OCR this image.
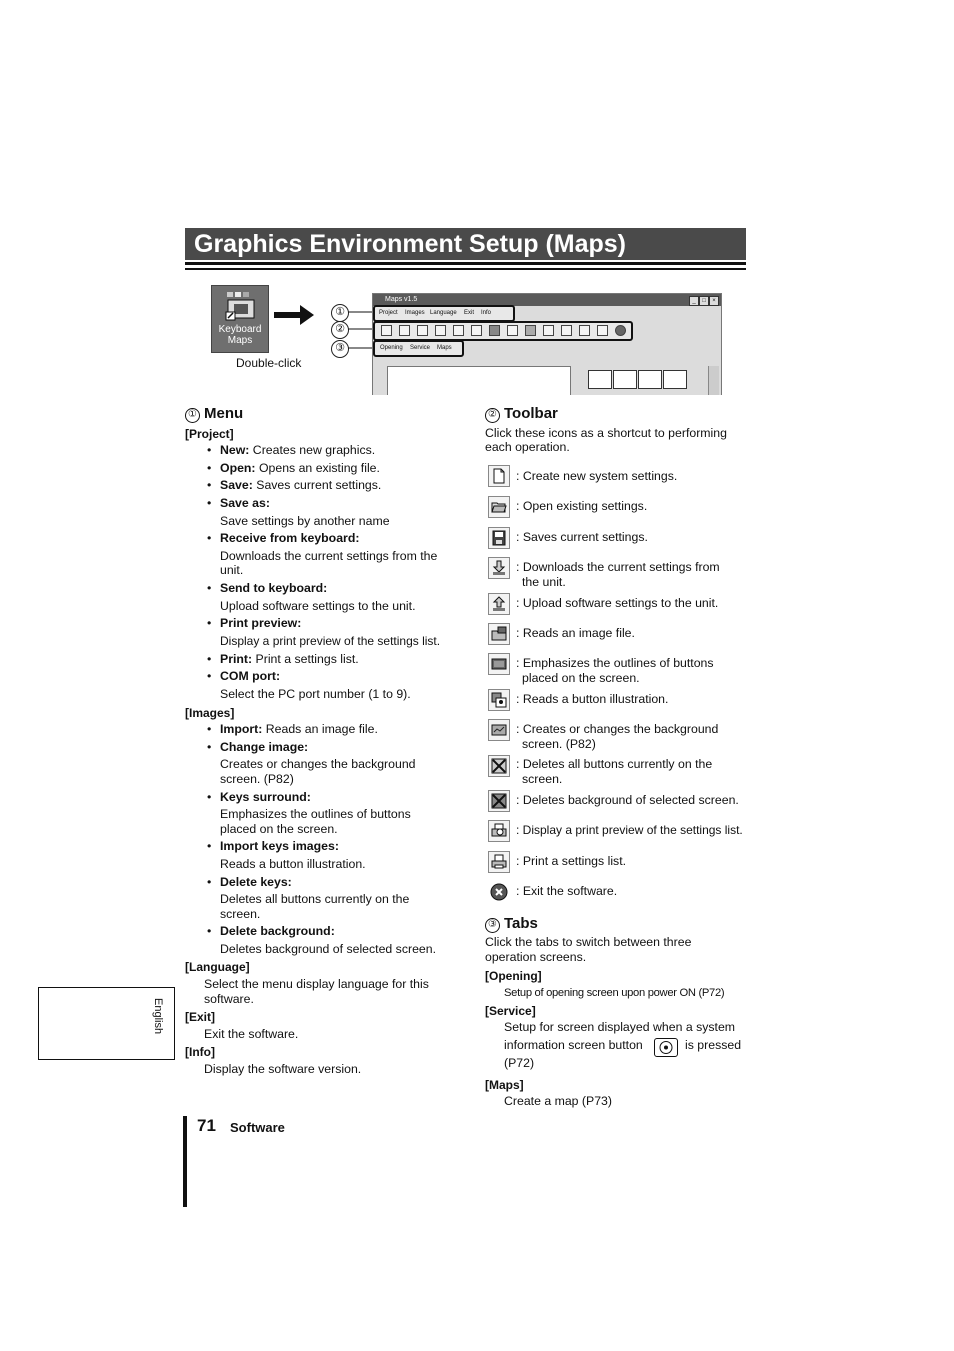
Graphics Environment Setup (Maps)
Keyboard
Maps
Double-click
①
②
③
Maps v1.5	_	□	×
Project Images Language Exit Info
Opening Service Maps
① Menu
[Project]
• New: Creates new graphics.
• Open: Opens an existing file.
• Save: Saves current settings.
• Save as:
Save settings by another name
• Receive from keyboard:
Downloads the current settings from the
unit.
• Send to keyboard:
Upload software settings to the unit.
• Print preview:
Display a print preview of the settings list.
• Print: Print a settings list.
• COM port:
Select the PC port number (1 to 9).
[Images]
• Import: Reads an image file.
• Change image:
Creates or changes the background
screen. (P82)
• Keys surround:
Emphasizes the outlines of buttons
placed on the screen.
• Import keys images:
Reads a button illustration.
• Delete keys:
Deletes all buttons currently on the
screen.
• Delete background:
Deletes background of selected screen.
[Language]
Select the menu display language for this
software.
[Exit]
Exit the software.
[Info]
Display the software version.
② Toolbar
Click these icons as a shortcut to performing
each operation.
: Create new system settings.
: Open existing settings.
: Saves current settings.
: Downloads the current settings from
the unit.
: Upload software settings to the unit.
: Reads an image file.
: Emphasizes the outlines of buttons
placed on the screen.
: Reads a button illustration.
: Creates or changes the background
screen. (P82)
: Deletes all buttons currently on the
screen.
: Deletes background of selected screen.
: Display a print preview of the settings list.
: Print a settings list.
: Exit the software.
③ Tabs
Click the tabs to switch between three
operation screens.
[Opening]
Setup of opening screen upon power ON (P72)
[Service]
Setup for screen displayed when a system
information screen button	is pressed
(P72)
[Maps]
Create a map (P73)
English
71 Software
